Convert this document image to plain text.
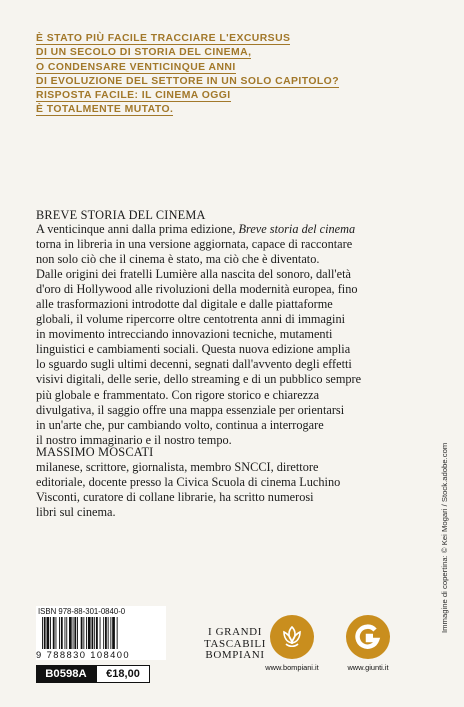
È STATO PIÙ FACILE TRACCIARE L'EXCURSUS
DI UN SECOLO DI STORIA DEL CINEMA,
O CONDENSARE VENTICINQUE ANNI
DI EVOLUZIONE DEL SETTORE IN UN SOLO CAPITOLO?
RISPOSTA FACILE: IL CINEMA OGGI
È TOTALMENTE MUTATO.
BREVE STORIA DEL CINEMA
A venticinque anni dalla prima edizione, Breve storia del cinema
torna in libreria in una versione aggiornata, capace di raccontare
non solo ciò che il cinema è stato, ma ciò che è diventato.
Dalle origini dei fratelli Lumière alla nascita del sonoro, dall'età
d'oro di Hollywood alle rivoluzioni della modernità europea, fino
alle trasformazioni introdotte dal digitale e dalle piattaforme
globali, il volume ripercorre oltre centotrenta anni di immagini
in movimento intrecciando innovazioni tecniche, mutamenti
linguistici e cambiamenti sociali. Questa nuova edizione amplia
lo sguardo sugli ultimi decenni, segnati dall'avvento degli effetti
visivi digitali, delle serie, dello streaming e di un pubblico sempre
più globale e frammentato. Con rigore storico e chiarezza
divulgativa, il saggio offre una mappa essenziale per orientarsi
in un'arte che, pur cambiando volto, continua a interrogare
il nostro immaginario e il nostro tempo.
MASSIMO MOSCATI
milanese, scrittore, giornalista, membro SNCCI, direttore
editoriale, docente presso la Civica Scuola di cinema Luchino
Visconti, curatore di collane librarie, ha scritto numerosi
libri sul cinema.	Immagine di copertina: © Kei Mogari / Stock.adobe.com
ISBN 978-88-301-0840-0
9 788830 108400
B0598A	€18,00
I GRANDI
TASCABILI
BOMPIANI
www.bompiani.it	www.giunti.it
